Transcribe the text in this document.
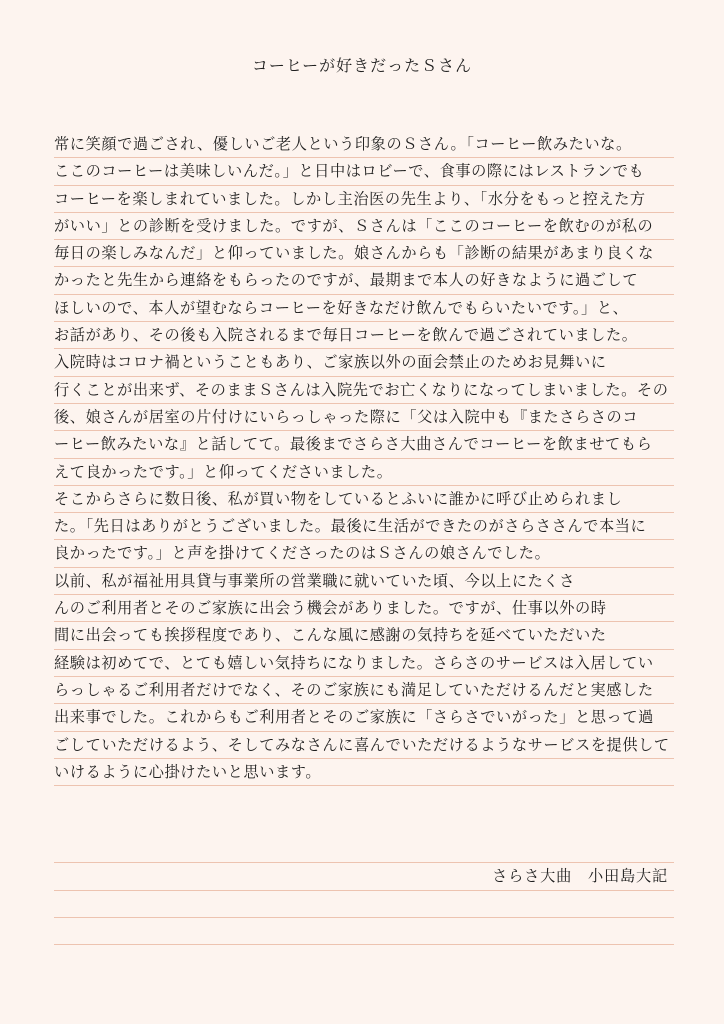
コーヒーが好きだったＳさん
常に笑顔で過ごされ、優しいご老人という印象のＳさん。「コーヒー飲みたいな。
ここのコーヒーは美味しいんだ。」と日中はロビーで、食事の際にはレストランでも
コーヒーを楽しまれていました。しかし主治医の先生より、「水分をもっと控えた方
がいい」との診断を受けました。ですが、Ｓさんは「ここのコーヒーを飲むのが私の
毎日の楽しみなんだ」と仰っていました。娘さんからも「診断の結果があまり良くな
かったと先生から連絡をもらったのですが、最期まで本人の好きなように過ごして
ほしいので、本人が望むならコーヒーを好きなだけ飲んでもらいたいです。」と、
お話があり、その後も入院されるまで毎日コーヒーを飲んで過ごされていました。
入院時はコロナ禍ということもあり、ご家族以外の面会禁止のためお見舞いに
行くことが出来ず、そのままＳさんは入院先でお亡くなりになってしまいました。その
後、娘さんが居室の片付けにいらっしゃった際に「父は入院中も『またさらさのコ
ーヒー飲みたいな』と話してて。最後までさらさ大曲さんでコーヒーを飲ませてもら
えて良かったです。」と仰ってくださいました。
そこからさらに数日後、私が買い物をしているとふいに誰かに呼び止められまし
た。「先日はありがとうございました。最後に生活ができたのがさらささんで本当に
良かったです。」と声を掛けてくださったのはＳさんの娘さんでした。
以前、私が福祉用具貸与事業所の営業職に就いていた頃、今以上にたくさ
んのご利用者とそのご家族に出会う機会がありました。ですが、仕事以外の時
間に出会っても挨拶程度であり、こんな風に感謝の気持ちを延べていただいた
経験は初めてで、とても嬉しい気持ちになりました。さらさのサービスは入居してい
らっしゃるご利用者だけでなく、そのご家族にも満足していただけるんだと実感した
出来事でした。これからもご利用者とそのご家族に「さらさでいがった」と思って過
ごしていただけるよう、そしてみなさんに喜んでいただけるようなサービスを提供して
いけるように心掛けたいと思います。
さらさ大曲　小田島大記
